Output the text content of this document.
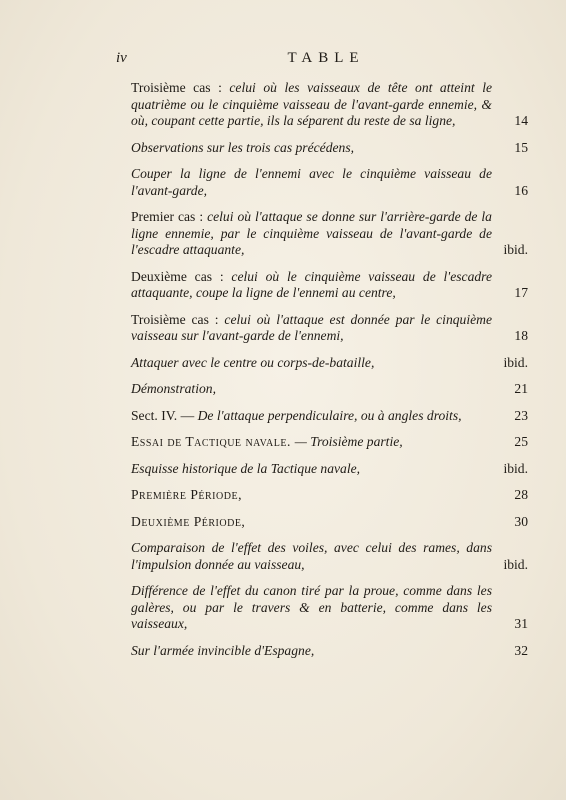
iv	TABLE
Troisième cas : celui où les vaisseaux de tête ont atteint le quatrième ou le cinquième vaisseau de l'avant-garde ennemie, & où, coupant cette partie, ils la séparent du reste de sa ligne,	14
Observations sur les trois cas précédens,	15
Couper la ligne de l'ennemi avec le cinquième vaisseau de l'avant-garde,	16
Premier cas : celui où l'attaque se donne sur l'arrière-garde de la ligne ennemie, par le cinquième vaisseau de l'avant-garde de l'escadre attaquante,	ibid.
Deuxième cas : celui où le cinquième vaisseau de l'escadre attaquante, coupe la ligne de l'ennemi au centre,	17
Troisième cas : celui où l'attaque est donnée par le cinquième vaisseau sur l'avant-garde de l'ennemi,	18
Attaquer avec le centre ou corps-de-bataille,	ibid.
Démonstration,	21
Sect. IV. — De l'attaque perpendiculaire, ou à angles droits,	23
Essai de Tactique navale. — Troisième partie,	25
Esquisse historique de la Tactique navale,	ibid.
Première Période,	28
Deuxième Période,	30
Comparaison de l'effet des voiles, avec celui des rames, dans l'impulsion donnée au vaisseau,	ibid.
Différence de l'effet du canon tiré par la proue, comme dans les galères, ou par le travers & en batterie, comme dans les vaisseaux,	31
Sur l'armée invincible d'Espagne,	32
